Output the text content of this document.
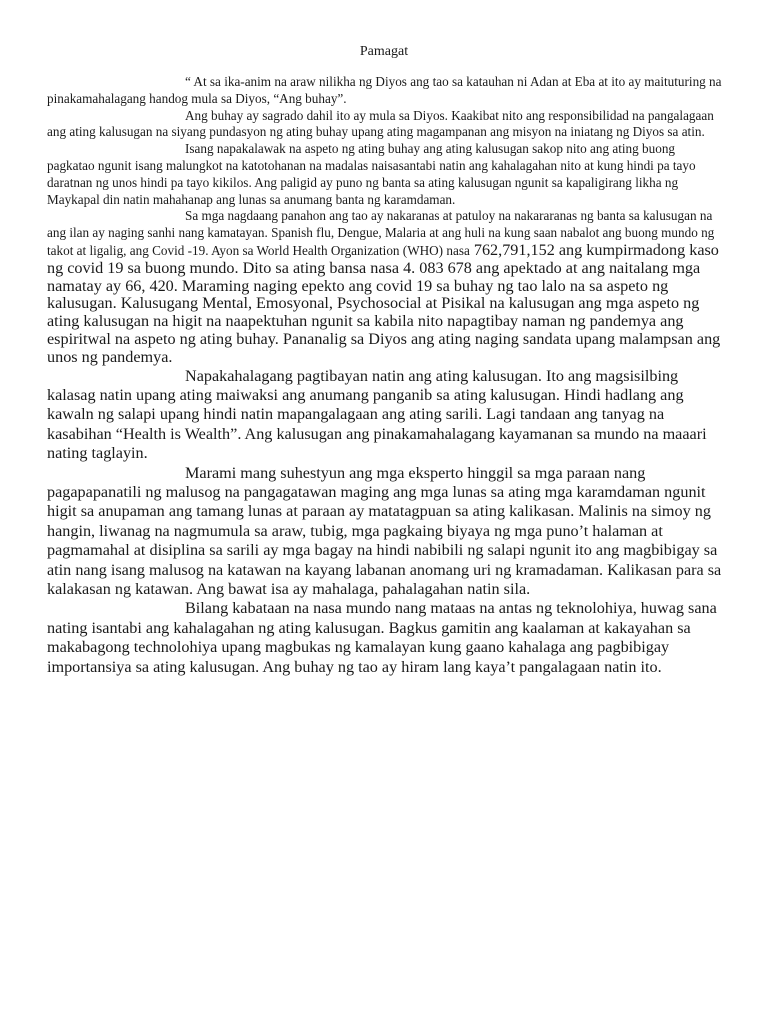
Pamagat

“ At sa ika-anim na araw nilikha ng Diyos ang tao sa katauhan ni Adan at Eba at ito ay maituturing na pinakamahalagang handog mula sa Diyos, “Ang buhay”.

Ang buhay ay sagrado dahil ito ay mula sa Diyos. Kaakibat nito ang responsibilidad na pangalagaan ang ating kalusugan na siyang pundasyon ng ating buhay upang ating magampanan ang misyon na iniatang ng Diyos sa atin.

Isang napakalawak na aspeto ng ating buhay ang ating kalusugan sakop nito ang ating buong pagkatao ngunit isang malungkot na katotohanan na madalas naisasantabi natin ang kahalagahan nito at kung hindi pa tayo daratnan ng unos hindi pa tayo kikilos. Ang paligid ay puno ng banta sa ating kalusugan ngunit sa kapaligirang likha ng Maykapal din natin mahahanap ang lunas sa anumang banta ng karamdaman.

Sa mga nagdaang panahon ang tao ay nakaranas at patuloy na nakararanas ng banta sa kalusugan na ang ilan ay naging sanhi nang kamatayan. Spanish flu, Dengue, Malaria at ang huli na kung saan nabalot ang buong mundo ng takot at ligalig, ang Covid -19. Ayon sa World Health Organization (WHO) nasa 762,791,152 ang kumpirmadong kaso ng covid 19 sa buong mundo. Dito sa ating bansa nasa 4. 083 678 ang apektado at ang naitalang mga namatay ay 66, 420. Maraming naging epekto ang covid 19 sa buhay ng tao lalo na sa aspeto ng kalusugan. Kalusugang Mental, Emosyonal, Psychosocial at Pisikal na kalusugan ang mga aspeto ng ating kalusugan na higit na naapektuhan ngunit sa kabila nito napagtibay naman ng pandemya ang espiritwal na aspeto ng ating buhay. Pananalig sa Diyos ang ating naging sandata upang malampsan ang unos ng pandemya.

Napakahalagang pagtibayan natin ang ating kalusugan. Ito ang magsisilbing kalasag natin upang ating maiwaksi ang anumang panganib sa ating kalusugan. Hindi hadlang ang kawaln ng salapi upang hindi natin mapangalagaan ang ating sarili. Lagi tandaan ang tanyag na kasabihan “Health is Wealth”. Ang kalusugan ang pinakamahalagang kayamanan sa mundo na maaari nating taglayin.

Marami mang suhestyun ang mga eksperto hinggil sa mga paraan nang pagapapanatili ng malusog na pangagatawan maging ang mga lunas sa ating mga karamdaman ngunit higit sa anupaman ang tamang lunas at paraan ay matatagpuan sa ating kalikasan. Malinis na simoy ng hangin, liwanag na nagmumula sa araw, tubig, mga pagkaing biyaya ng mga puno’t halaman at pagmamahal at disiplina sa sarili ay mga bagay na hindi nabibili ng salapi ngunit ito ang magbibigay sa atin nang isang malusog na katawan na kayang labanan anomang uri ng kramadaman. Kalikasan para sa kalakasan ng katawan. Ang bawat isa ay mahalaga, pahalagahan natin sila.

Bilang kabataan na nasa mundo nang mataas na antas ng teknolohiya, huwag sana nating isantabi ang kahalagahan ng ating kalusugan. Bagkus gamitin ang kaalaman at kakayahan sa makabagong technolohiya upang magbukas ng kamalayan kung gaano kahalaga ang pagbibigay importansiya sa ating kalusugan. Ang buhay ng tao ay hiram lang kaya’t pangalagaan natin ito.
